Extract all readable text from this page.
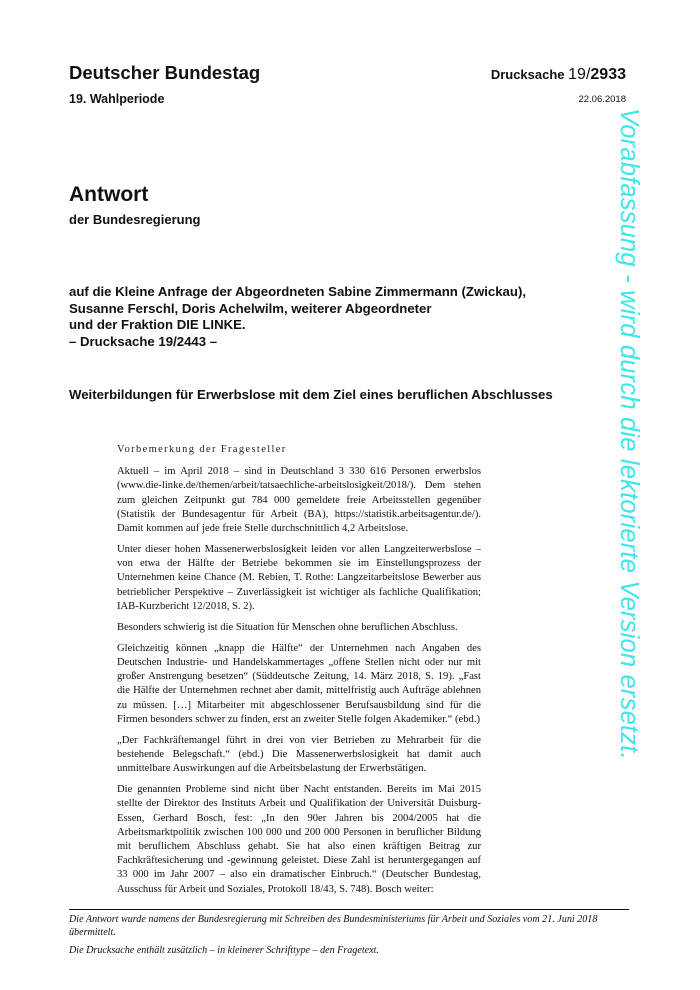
Deutscher Bundestag
19. Wahlperiode
Drucksache 19/2933
22.06.2018
Antwort
der Bundesregierung
auf die Kleine Anfrage der Abgeordneten Sabine Zimmermann (Zwickau),
Susanne Ferschl, Doris Achelwilm, weiterer Abgeordneter
und der Fraktion DIE LINKE.
– Drucksache 19/2443 –
Weiterbildungen für Erwerbslose mit dem Ziel eines beruflichen Abschlusses
Vorbemerkung der Fragesteller

Aktuell – im April 2018 – sind in Deutschland 3 330 616 Personen erwerbslos (www.die-linke.de/themen/arbeit/tatsaechliche-arbeitslosigkeit/2018/). Dem stehen zum gleichen Zeitpunkt gut 784 000 gemeldete freie Arbeitsstellen gegenüber (Statistik der Bundesagentur für Arbeit (BA), https://statistik.arbeitsagentur.de/). Damit kommen auf jede freie Stelle durchschnittlich 4,2 Arbeitslose.

Unter dieser hohen Massenerwerbslosigkeit leiden vor allen Langzeiterwerbslose – von etwa der Hälfte der Betriebe bekommen sie im Einstellungsprozess der Unternehmen keine Chance (M. Rebien, T. Rothe: Langzeitarbeitslose Bewerber aus betrieblicher Perspektive – Zuverlässigkeit ist wichtiger als fachliche Qualifikation; IAB-Kurzbericht 12/2018, S. 2).

Besonders schwierig ist die Situation für Menschen ohne beruflichen Abschluss.

Gleichzeitig können „knapp die Hälfte“ der Unternehmen nach Angaben des Deutschen Industrie- und Handelskammertages „offene Stellen nicht oder nur mit großer Anstrengung besetzen“ (Süddeutsche Zeitung, 14. März 2018, S. 19). „Fast die Hälfte der Unternehmen rechnet aber damit, mittelfristig auch Aufträge ablehnen zu müssen. […] Mitarbeiter mit abgeschlossener Berufsausbildung sind für die Firmen besonders schwer zu finden, erst an zweiter Stelle folgen Akademiker.“ (ebd.)

„Der Fachkräftemangel führt in drei von vier Betrieben zu Mehrarbeit für die bestehende Belegschaft.“ (ebd.) Die Massenerwerbslosigkeit hat damit auch unmittelbare Auswirkungen auf die Arbeitsbelastung der Erwerbstätigen.

Die genannten Probleme sind nicht über Nacht entstanden. Bereits im Mai 2015 stellte der Direktor des Instituts Arbeit und Qualifikation der Universität Duisburg-Essen, Gerhard Bosch, fest: „In den 90er Jahren bis 2004/2005 hat die Arbeitsmarktpolitik zwischen 100 000 und 200 000 Personen in beruflicher Bildung mit beruflichem Abschluss gehabt. Sie hat also einen kräftigen Beitrag zur Fachkräftesicherung und -gewinnung geleistet. Diese Zahl ist heruntergegangen auf 33 000 im Jahr 2007 – also ein dramatischer Einbruch.“ (Deutscher Bundestag, Ausschuss für Arbeit und Soziales, Protokoll 18/43, S. 748). Bosch weiter:

Die Antwort wurde namens der Bundesregierung mit Schreiben des Bundesministeriums für Arbeit und Soziales vom 21. Juni 2018 übermittelt.

Die Drucksache enthält zusätzlich – in kleinerer Schrifttype – den Fragetext.

Vorabfassung - wird durch die lektorierte Version ersetzt.
